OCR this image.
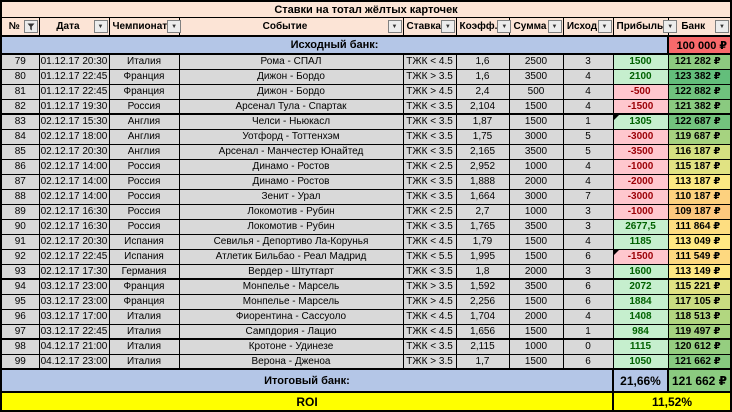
Ставки на тотал жёлтых карточек									

№	Дата ▼	Чемпионат ▼	Событие ▼	Ставка ▼	Коэфф. ▼	Сумма ▼	Исход ▼	Прибыль ▼	Банк ▼

Исходный банк:									100 000 ₽
79	01.12.17 20:30	Италия	Рома - СПАЛ	ТЖК < 4.5	1,6	2500	3	1500	121 282 ₽
80	01.12.17 22:45	Франция	Дижон - Бордо	ТЖК > 3.5	1,6	3500	4	2100	123 382 ₽
81	01.12.17 22:45	Франция	Дижон - Бордо	ТЖК > 4.5	2,4	500	4	-500	122 882 ₽
82	01.12.17 19:30	Россия	Арсенал Тула - Спартак	ТЖК < 3.5	2,104	1500	4	-1500	121 382 ₽
83	02.12.17 15:30	Англия	Челси - Ньюкасл	ТЖК < 3.5	1,87	1500	1	1305	122 687 ₽
84	02.12.17 18:00	Англия	Уотфорд - Тоттенхэм	ТЖК < 3.5	1,75	3000	5	-3000	119 687 ₽
85	02.12.17 20:30	Англия	Арсенал - Манчестер Юнайтед	ТЖК < 3.5	2,165	3500	5	-3500	116 187 ₽
86	02.12.17 14:00	Россия	Динамо - Ростов	ТЖК < 2.5	2,952	1000	4	-1000	115 187 ₽
87	02.12.17 14:00	Россия	Динамо - Ростов	ТЖК < 3.5	1,888	2000	4	-2000	113 187 ₽
88	02.12.17 14:00	Россия	Зенит - Урал	ТЖК < 3.5	1,664	3000	7	-3000	110 187 ₽
89	02.12.17 16:30	Россия	Локомотив - Рубин	ТЖК < 2.5	2,7	1000	3	-1000	109 187 ₽
90	02.12.17 16:30	Россия	Локомотив - Рубин	ТЖК < 3.5	1,765	3500	3	2677,5	111 864 ₽
91	02.12.17 20:30	Испания	Севилья - Депортиво Ла-Корунья	ТЖК < 4.5	1,79	1500	4	1185	113 049 ₽
92	02.12.17 22:45	Испания	Атлетик Бильбао - Реал Мадрид	ТЖК < 5.5	1,995	1500	6	-1500	111 549 ₽
93	02.12.17 17:30	Германия	Вердер - Штутгарт	ТЖК < 3.5	1,8	2000	3	1600	113 149 ₽
94	03.12.17 23:00	Франция	Монпелье - Марсель	ТЖК > 3.5	1,592	3500	6	2072	115 221 ₽
95	03.12.17 23:00	Франция	Монпелье - Марсель	ТЖК > 4.5	2,256	1500	6	1884	117 105 ₽
96	03.12.17 17:00	Италия	Фиорентина - Сассуоло	ТЖК < 4.5	1,704	2000	4	1408	118 513 ₽
97	03.12.17 22:45	Италия	Сампдория - Лацио	ТЖК < 4.5	1,656	1500	1	984	119 497 ₽
98	04.12.17 21:00	Италия	Кротоне - Удинезе	ТЖК < 3.5	2,115	1000	0	1115	120 612 ₽
99	04.12.17 23:00	Италия	Верона - Дженоа	ТЖК > 3.5	1,7	1500	6	1050	121 662 ₽
Итоговый банк:								21,66%	121 662 ₽
ROI								11,52%	
